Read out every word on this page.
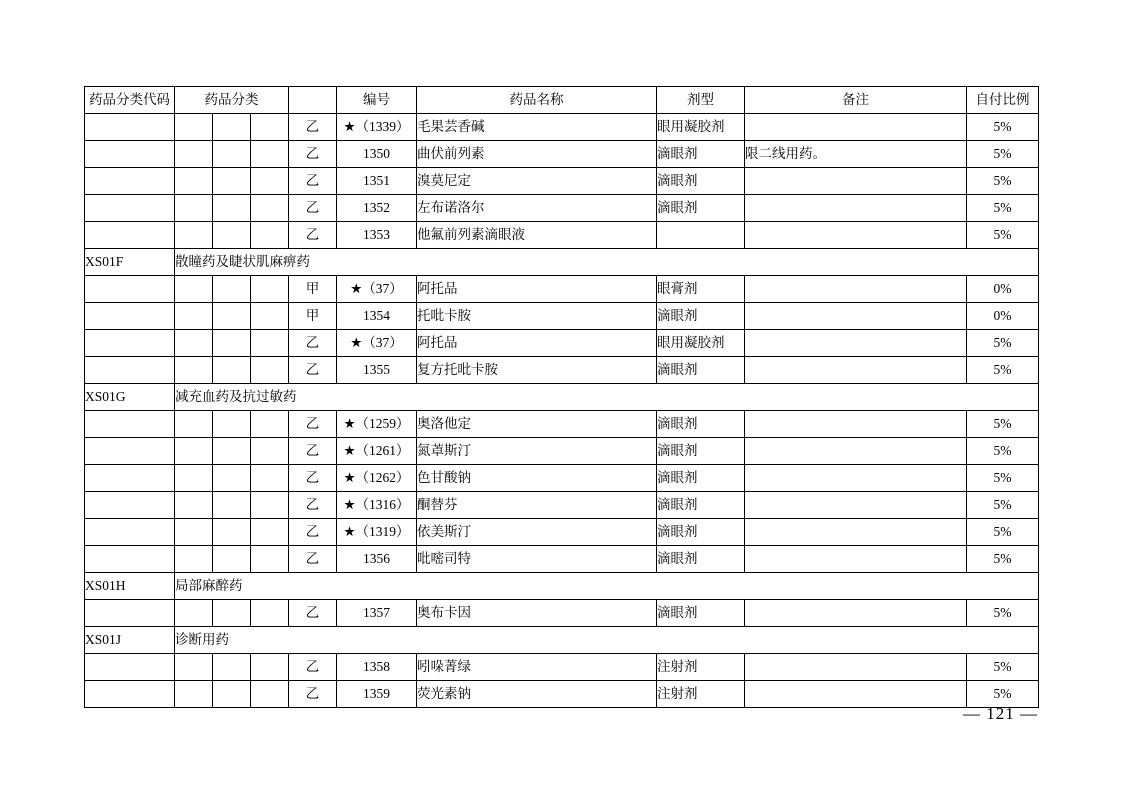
药品分类代码	药品分类				编号	药品名称	剂型	备注	自付比例
				乙	★（1339）	毛果芸香碱	眼用凝胶剂		5%
				乙	1350	曲伏前列素	滴眼剂	限二线用药。	5%
				乙	1351	溴莫尼定	滴眼剂		5%
				乙	1352	左布诺洛尔	滴眼剂		5%
				乙	1353	他氟前列素滴眼液			5%
XS01F	散瞳药及睫状肌麻痹药								
				甲	★（37）	阿托品	眼膏剂		0%
				甲	1354	托吡卡胺	滴眼剂		0%
				乙	★（37）	阿托品	眼用凝胶剂		5%
				乙	1355	复方托吡卡胺	滴眼剂		5%
XS01G	减充血药及抗过敏药								
				乙	★（1259）	奥洛他定	滴眼剂		5%
				乙	★（1261）	氮䓬斯汀	滴眼剂		5%
				乙	★（1262）	色甘酸钠	滴眼剂		5%
				乙	★（1316）	酮替芬	滴眼剂		5%
				乙	★（1319）	依美斯汀	滴眼剂		5%
				乙	1356	吡嘧司特	滴眼剂		5%
XS01H	局部麻醉药								
				乙	1357	奥布卡因	滴眼剂		5%
XS01J	诊断用药								
				乙	1358	吲哚菁绿	注射剂		5%
				乙	1359	荧光素钠	注射剂		5%
— 121 —
